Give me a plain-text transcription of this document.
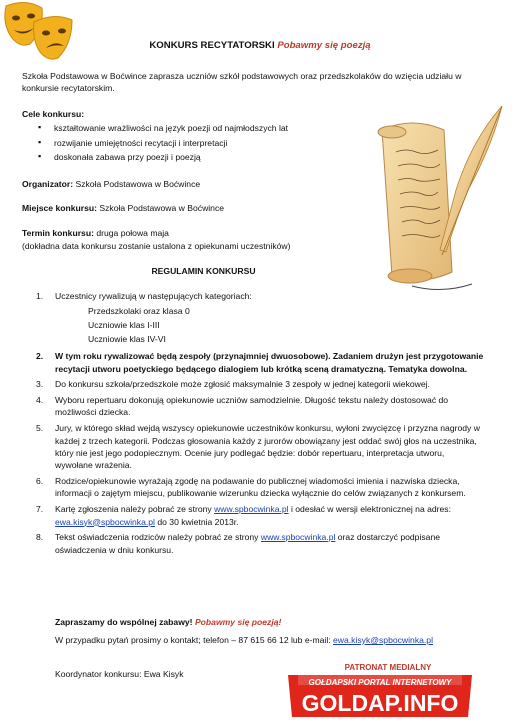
KONKURS RECYTATORSKI Pobawmy się poezją
Szkoła Podstawowa w Boćwince zaprasza uczniów szkół podstawowych oraz przedszkolaków do wzięcia udziału w konkursie recytatorskim.
Cele konkursu:
▪ kształtowanie wrażliwości na język poezji od najmłodszych lat
▪ rozwijanie umiejętności recytacji i interpretacji
▪ doskonała zabawa przy poezji i poezją
Organizator: Szkoła Podstawowa w Boćwince
Miejsce konkursu: Szkoła Podstawowa w Boćwince
Termin konkursu: druga połowa maja
(dokładna data konkursu zostanie ustalona z opiekunami uczestników)
REGULAMIN KONKURSU
1. Uczestnicy rywalizują w następujących kategoriach:
Przedszkolaki oraz klasa 0
Uczniowie klas I-III
Uczniowie klas IV-VI
2. W tym roku rywalizować będą zespoły (przynajmniej dwuosobowe). Zadaniem drużyn jest przygotowanie recytacji utworu poetyckiego będącego dialogiem lub krótką sceną dramatyczną. Tematyka dowolna.
3. Do konkursu szkoła/przedszkole może zgłosić maksymalnie 3 zespoły w jednej kategorii wiekowej.
4. Wyboru repertuaru dokonują opiekunowie uczniów samodzielnie. Długość tekstu należy dostosować do możliwości dziecka.
5. Jury, w którego skład wejdą wszyscy opiekunowie uczestników konkursu, wyłoni zwycięzcę i przyzna nagrody w każdej z trzech kategorii. Podczas głosowania każdy z jurorów obowiązany jest oddać swój głos na uczestnika, który nie jest jego podopiecznym. Ocenie jury podlegać będzie: dobór repertuaru, interpretacja utworu, wywołane wrażenia.
6. Rodzice/opiekunowie wyrażają zgodę na podawanie do publicznej wiadomości imienia i nazwiska dziecka, informacji o zajętym miejscu, publikowanie wizerunku dziecka wyłącznie do celów związanych z konkursem.
7. Kartę zgłoszenia należy pobrać ze strony www.spbocwinka.pl i odesłać w wersji elektronicznej na adres: ewa.kisyk@spbocwinka.pl do 30 kwietnia 2013r.
8. Tekst oświadczenia rodziców należy pobrać ze strony www.spbocwinka.pl oraz dostarczyć podpisane oświadczenia w dniu konkursu.
Zapraszamy do wspólnej zabawy! Pobawmy się poezją!
W przypadku pytań prosimy o kontakt; telefon – 87 615 66 12 lub e-mail: ewa.kisyk@spbocwinka.pl
Koordynator konkursu: Ewa Kisyk
PATRONAT MEDIALNY
GOŁDAPSKI PORTAL INTERNETOWY
GOLDAP.INFO
